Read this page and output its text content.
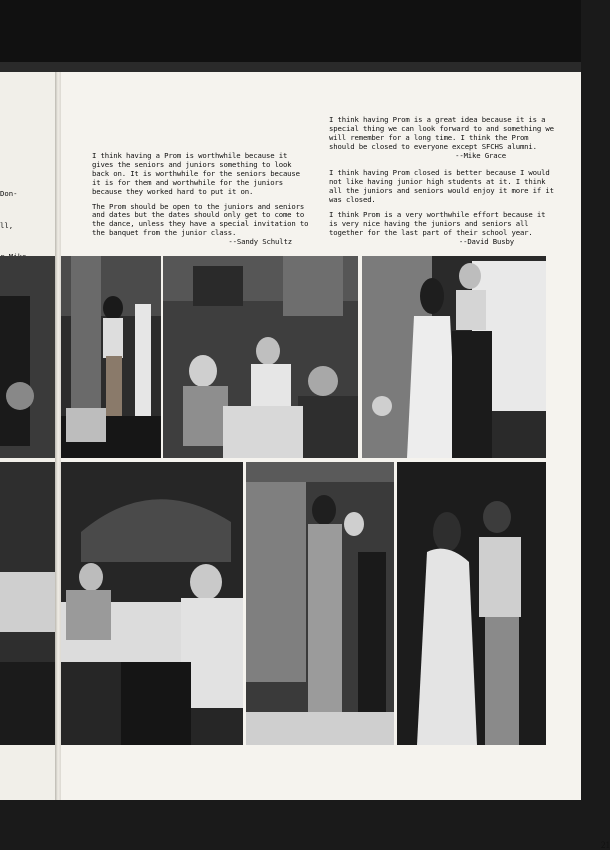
Don-

ll,

I think having a Prom is worthwhile because it gives the seniors and juniors something to look back on. It is worthwhile for the seniors because it is for them and worthwhile for the juniors because they worked hard to put it on.

The Prom should be open to the juniors and seniors and dates but the dates should only get to come to the dance, unless they have a special invitation to the banquet from the junior class.

--Sandy Schultz

I think having Prom is a great idea because it is a special thing we can look forward to and something we will remember for a long time. I think the Prom should be closed to everyone except SFCHS alumni.

--Mike Grace

I think having Prom closed is better because I would not like having junior high students at it. I think all the juniors and seniors would enjoy it more if it was closed.

I think Prom is a very worthwhile effort because it is very nice having the juniors and seniors all together for the last part of their school year.

--David Busby
21
